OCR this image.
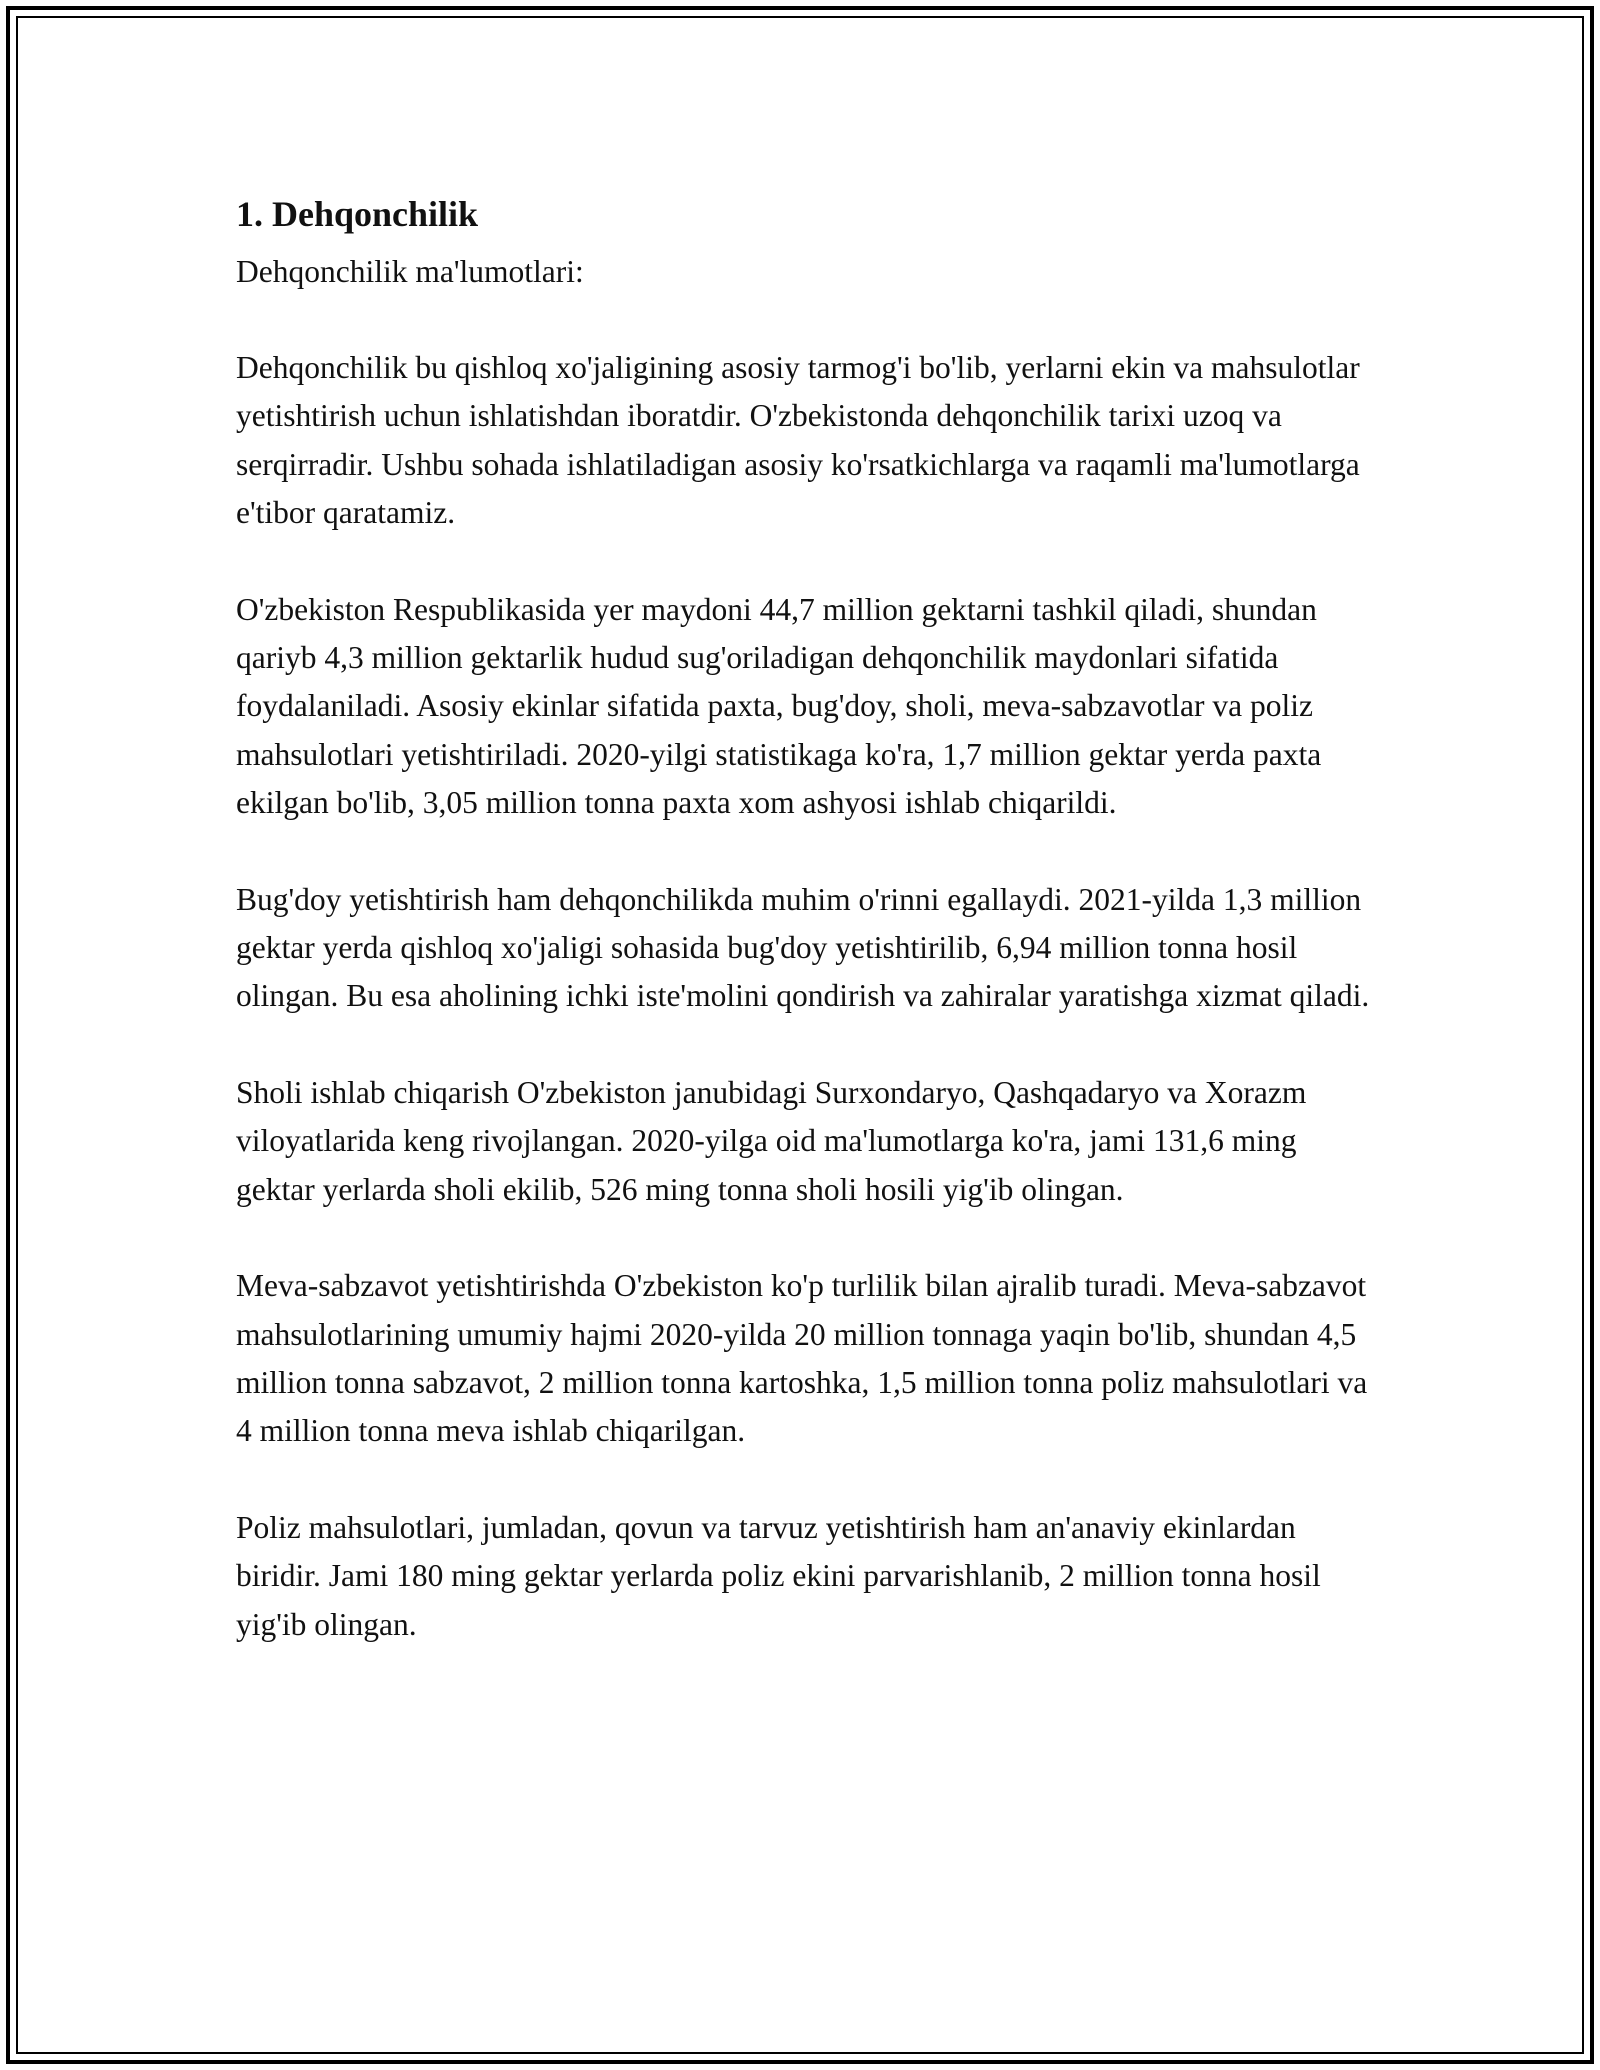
1. Dehqonchilik
Dehqonchilik ma'lumotlari:

Dehqonchilik bu qishloq xo'jaligining asosiy tarmog'i bo'lib, yerlarni ekin va mahsulotlar yetishtirish uchun ishlatishdan iboratdir. O'zbekistonda dehqonchilik tarixi uzoq va serqirradir. Ushbu sohada ishlatiladigan asosiy ko'rsatkichlarga va raqamli ma'lumotlarga e'tibor qaratamiz.

O'zbekiston Respublikasida yer maydoni 44,7 million gektarni tashkil qiladi, shundan qariyb 4,3 million gektarlik hudud sug'oriladigan dehqonchilik maydonlari sifatida foydalaniladi. Asosiy ekinlar sifatida paxta, bug'doy, sholi, meva-sabzavotlar va poliz mahsulotlari yetishtiriladi. 2020-yilgi statistikaga ko'ra, 1,7 million gektar yerda paxta ekilgan bo'lib, 3,05 million tonna paxta xom ashyosi ishlab chiqarildi.

Bug'doy yetishtirish ham dehqonchilikda muhim o'rinni egallaydi. 2021-yilda 1,3 million gektar yerda qishloq xo'jaligi sohasida bug'doy yetishtirilib, 6,94 million tonna hosil olingan. Bu esa aholining ichki iste'molini qondirish va zahiralar yaratishga xizmat qiladi.

Sholi ishlab chiqarish O'zbekiston janubidagi Surxondaryo, Qashqadaryo va Xorazm viloyatlarida keng rivojlangan. 2020-yilga oid ma'lumotlarga ko'ra, jami 131,6 ming gektar yerlarda sholi ekilib, 526 ming tonna sholi hosili yig'ib olingan.

Meva-sabzavot yetishtirishda O'zbekiston ko'p turlilik bilan ajralib turadi. Meva-sabzavot mahsulotlarining umumiy hajmi 2020-yilda 20 million tonnaga yaqin bo'lib, shundan 4,5 million tonna sabzavot, 2 million tonna kartoshka, 1,5 million tonna poliz mahsulotlari va 4 million tonna meva ishlab chiqarilgan.

Poliz mahsulotlari, jumladan, qovun va tarvuz yetishtirish ham an'anaviy ekinlardan biridir. Jami 180 ming gektar yerlarda poliz ekini parvarishlanib, 2 million tonna hosil yig'ib olingan.
